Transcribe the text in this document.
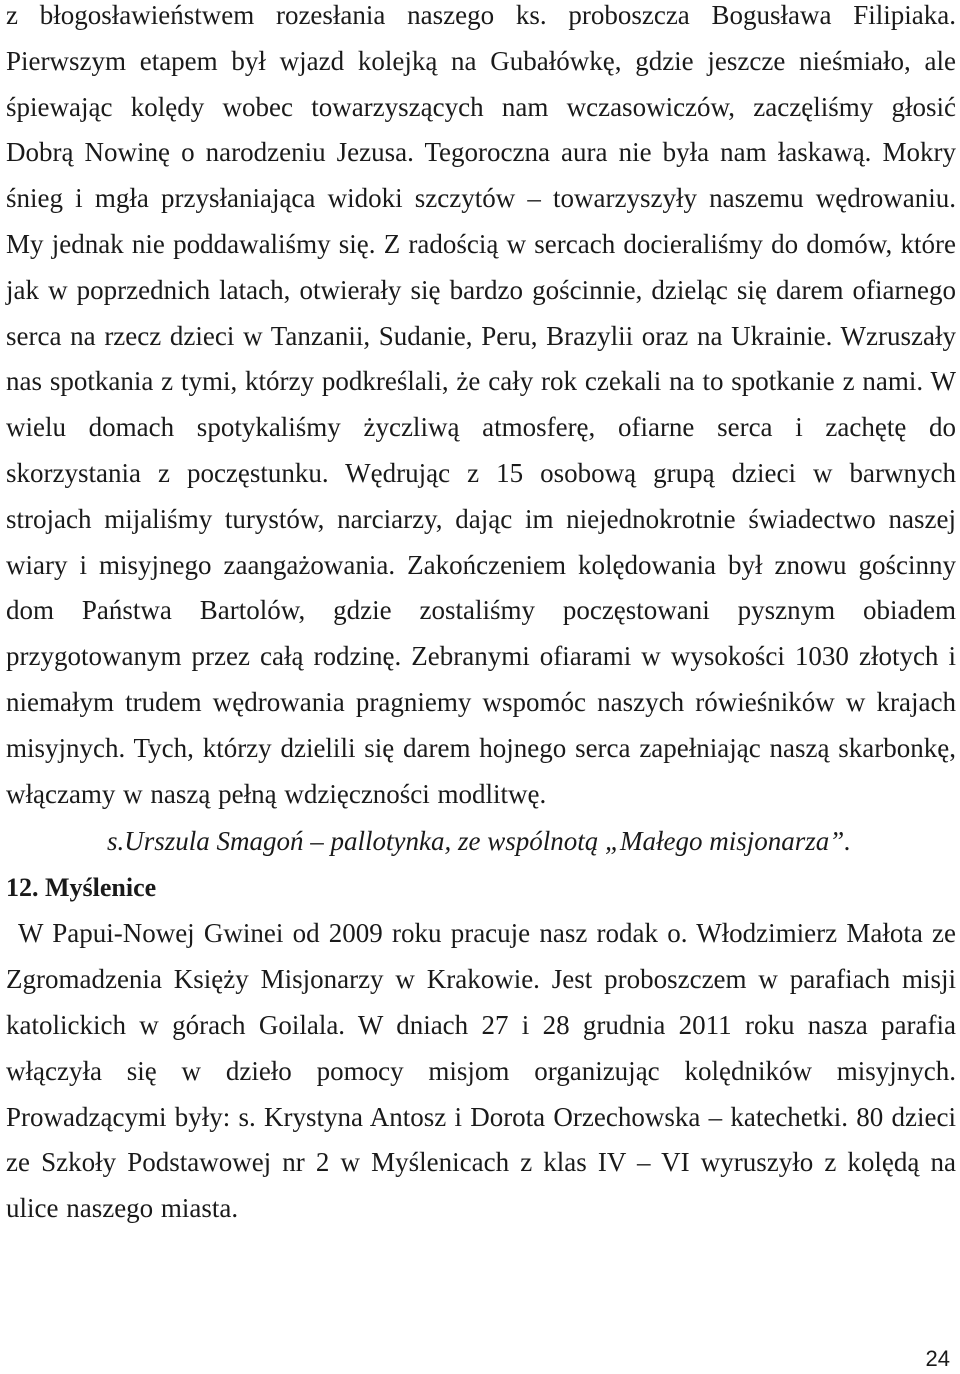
z błogosławieństwem rozesłania naszego ks. proboszcza Bogusława Filipiaka. Pierwszym etapem był wjazd kolejką na Gubałówkę, gdzie jeszcze nieśmiało, ale śpiewając kolędy wobec towarzyszących nam wczasowiczów, zaczęliśmy głosić Dobrą Nowinę o narodzeniu Jezusa. Tegoroczna aura nie była nam łaskawą. Mokry śnieg i mgła przysłaniająca widoki szczytów – towarzyszyły naszemu wędrowaniu. My jednak nie poddawaliśmy się. Z radością w sercach docieraliśmy do domów, które jak w poprzednich latach, otwierały się bardzo gościnnie, dzieląc się darem ofiarnego serca na rzecz dzieci w Tanzanii, Sudanie, Peru, Brazylii oraz na Ukrainie. Wzruszały nas spotkania z tymi, którzy podkreślali, że cały rok czekali na to spotkanie z nami. W wielu domach spotykaliśmy życzliwą atmosferę, ofiarne serca i zachętę do skorzystania z poczęstunku. Wędrując z 15 osobową grupą dzieci w barwnych strojach mijaliśmy turystów, narciarzy, dając im niejednokrotnie świadectwo naszej wiary i misyjnego zaangażowania. Zakończeniem kolędowania był znowu gościnny dom Państwa Bartolów, gdzie zostaliśmy poczęstowani pysznym obiadem przygotowanym przez całą rodzinę. Zebranymi ofiarami w wysokości 1030 złotych i niemałym trudem wędrowania pragniemy wspomóc naszych rówieśników w krajach misyjnych. Tych, którzy dzielili się darem hojnego serca zapełniając naszą skarbonkę, włączamy w naszą pełną wdzięczności modlitwę.

s.Urszula Smagoń – pallotynka, ze wspólnotą „Małego misjonarza”.

12. Myślenice

W Papui-Nowej Gwinei od 2009 roku pracuje nasz rodak o. Włodzimierz Małota ze Zgromadzenia Księży Misjonarzy w Krakowie. Jest proboszczem w parafiach misji katolickich w górach Goilala. W dniach 27 i 28 grudnia 2011 roku nasza parafia włączyła się w dzieło pomocy misjom organizując kolędników misyjnych. Prowadzącymi były: s. Krystyna Antosz i Dorota Orzechowska – katechetki. 80 dzieci ze Szkoły Podstawowej nr 2 w Myślenicach z klas IV – VI wyruszyło z kolędą na ulice naszego miasta.

24
